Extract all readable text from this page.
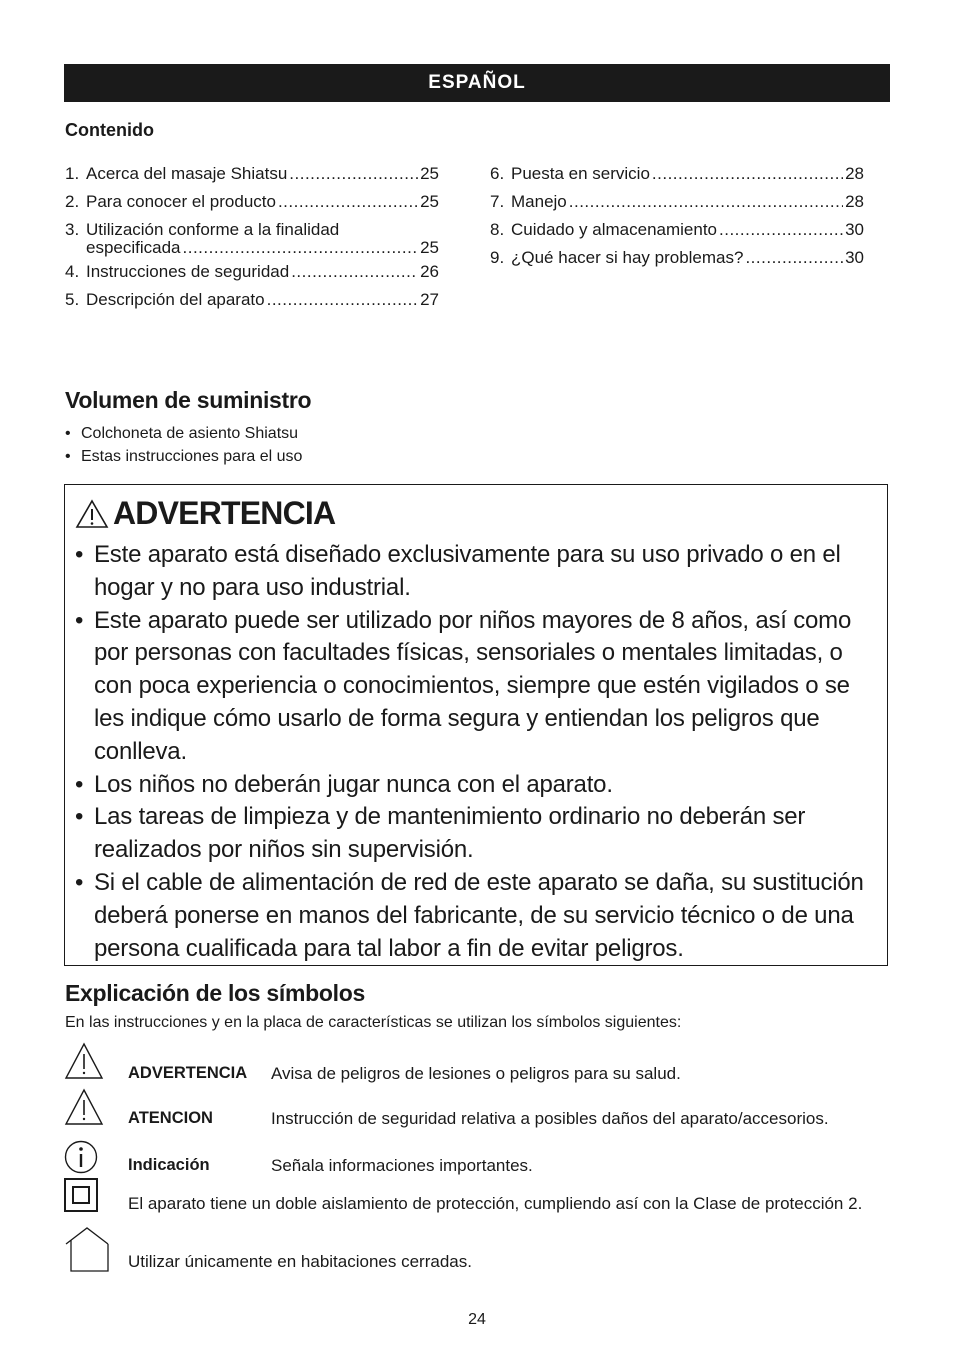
ESPAÑOL
Contenido
1. Acerca del masaje Shiatsu .....	25
2. Para conocer el producto .....	25
3. Utilización conforme a la finalidad
especificada .....	25
4. Instrucciones de seguridad .....	26
5. Descripción del aparato .....	27
6. Puesta en servicio .....	28
7. Manejo .....	28
8. Cuidado y almacenamiento .....	30
9. ¿Qué hacer si hay problemas? .....	30
Volumen de suministro
• Colchoneta de asiento Shiatsu
• Estas instrucciones para el uso
ADVERTENCIA
• Este aparato está diseñado exclusivamente para su uso privado o en el hogar y no para uso industrial.
• Este aparato puede ser utilizado por niños mayores de 8 años, así como por personas con facultades físicas, sensoriales o mentales limitadas, o con poca experiencia o conocimientos, siempre que estén vigilados o se les indique cómo usarlo de forma segura y entiendan los peligros que conlleva.
• Los niños no deberán jugar nunca con el aparato.
• Las tareas de limpieza y de mantenimiento ordinario no deberán ser realizados por niños sin supervisión.
• Si el cable de alimentación de red de este aparato se daña, su sustitución deberá ponerse en manos del fabricante, de su servicio técnico o de una persona cualificada para tal labor a fin de evitar peligros.
Explicación de los símbolos
En las instrucciones y en la placa de características se utilizan los símbolos siguientes:
ADVERTENCIA Avisa de peligros de lesiones o peligros para su salud.
ATENCION	Instrucción de seguridad relativa a posibles daños del aparato/accesorios.
Indicación	Señala informaciones importantes.
El aparato tiene un doble aislamiento de protección, cumpliendo así con la Clase de protección 2.
Utilizar únicamente en habitaciones cerradas.
24
